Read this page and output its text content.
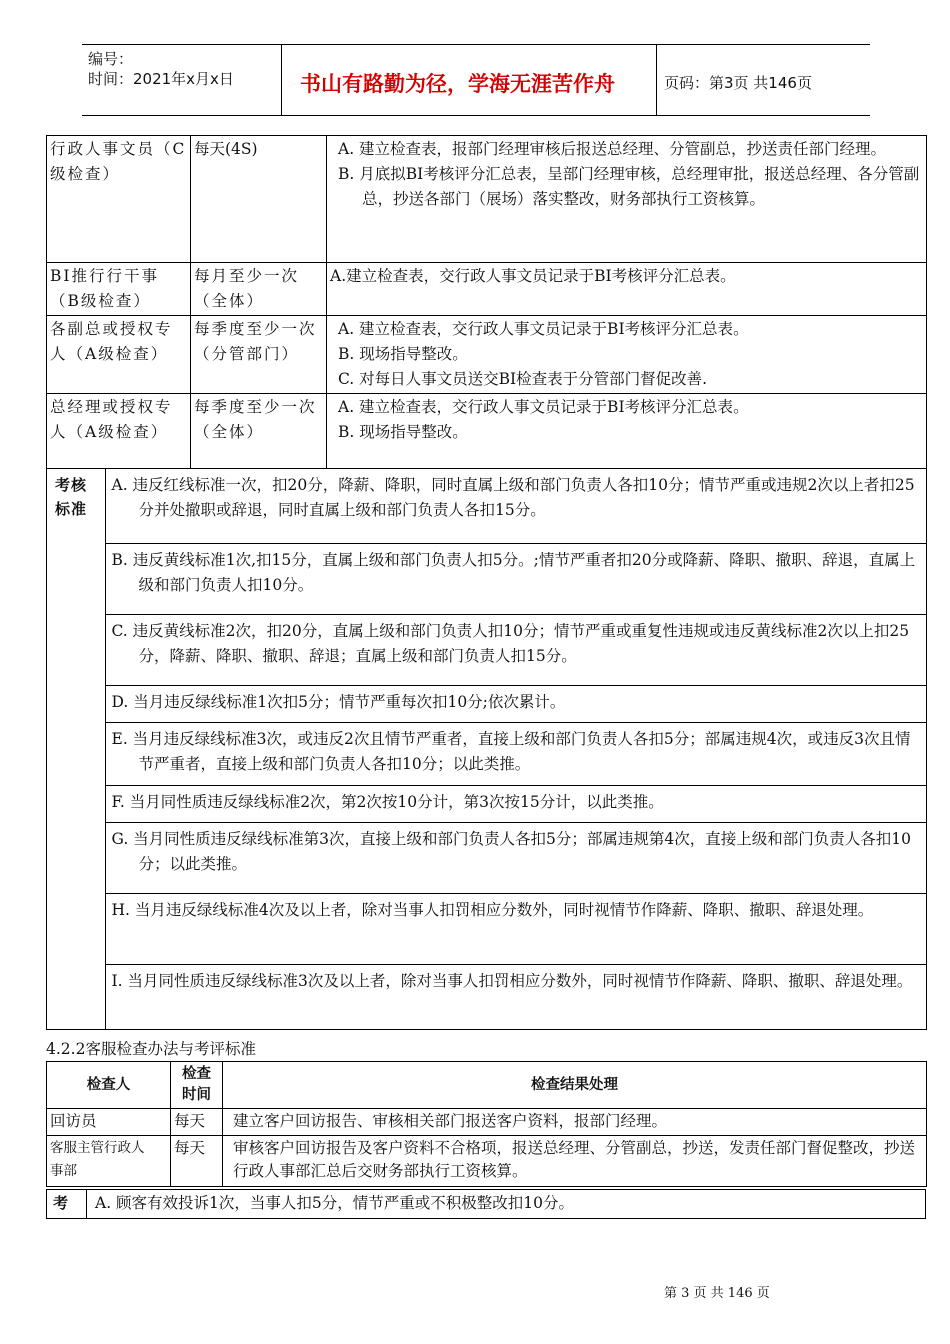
编号：
时间：2021年x月x日	书山有路勤为径，学海无涯苦作舟	页码：第3页 共146页
行政人事文员（C级检查）	每天(4S)	A. 建立检查表，报部门经理审核后报送总经理、分管副总，抄送责任部门经理。
B. 月底拟BI考核评分汇总表，呈部门经理审核，总经理审批，报送总经理、各分管副总，抄送各部门（展场）落实整改，财务部执行工资核算。

BI推行行干事（B级检查）	每月至少一次（全体）	
A.建立检查表，交行政人事文员记录于BI考核评分汇总表。

各副总或授权专人（A级检查）	每季度至少一次（分管部门）	
A. 建立检查表，交行政人事文员记录于BI考核评分汇总表。
B. 现场指导整改。
C. 对每日人事文员送交BI检查表于分管部门督促改善.

总经理或授权专人（A级检查）	每季度至少一次（全体）	
A. 建立检查表，交行政人事文员记录于BI考核评分汇总表。
B. 现场指导整改。

考核标准	
A. 违反红线标准一次，扣20分，降薪、降职，同时直属上级和部门负责人各扣10分；情节严重或违规2次以上者扣25分并处撤职或辞退，同时直属上级和部门负责人各扣15分。

B. 违反黄线标准1次,扣15分，直属上级和部门负责人扣5分。;情节严重者扣20分或降薪、降职、撤职、辞退，直属上级和部门负责人扣10分。

C. 违反黄线标准2次，扣20分，直属上级和部门负责人扣10分；情节严重或重复性违规或违反黄线标准2次以上扣25分，降薪、降职、撤职、辞退；直属上级和部门负责人扣15分。

D. 当月违反绿线标准1次扣5分；情节严重每次扣10分;依次累计。

E. 当月违反绿线标准3次，或违反2次且情节严重者，直接上级和部门负责人各扣5分；部属违规4次，或违反3次且情节严重者，直接上级和部门负责人各扣10分；以此类推。

F. 当月同性质违反绿线标准2次，第2次按10分计，第3次按15分计，以此类推。

G. 当月同性质违反绿线标准第3次，直接上级和部门负责人各扣5分；部属违规第4次，直接上级和部门负责人各扣10分；以此类推。

H. 当月违反绿线标准4次及以上者，除对当事人扣罚相应分数外，同时视情节作降薪、降职、撤职、辞退处理。

I. 当月同性质违反绿线标准3次及以上者，除对当事人扣罚相应分数外，同时视情节作降薪、降职、撤职、辞退处理。
4.2.2客服检查办法与考评标准
检查人	检查时间	检查结果处理
回访员	每天	建立客户回访报告、审核相关部门报送客户资料，报部门经理。
客服主管行政人事部	每天	审核客户回访报告及客户资料不合格项，报送总经理、分管副总，抄送，发责任部门督促整改，抄送行政人事部汇总后交财务部执行工资核算。
考	A. 顾客有效投诉1次，当事人扣5分，情节严重或不积极整改扣10分。
第 3 页 共 146 页
